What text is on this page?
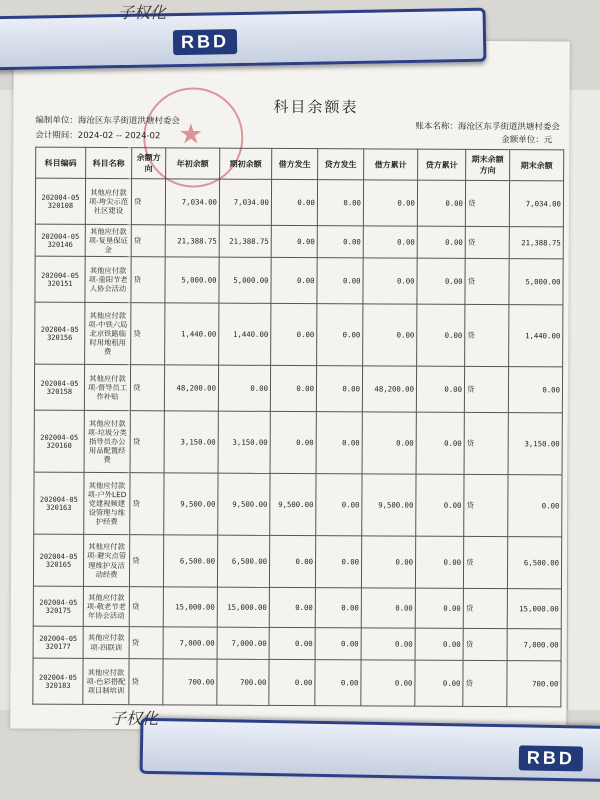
子权化
RBD
★
科目余额表
编制单位：海沧区东孚街道洪塘村委会
会计期间：2024-02 -- 2024-02
账本名称：海沧区东孚街道洪塘村委会
金额单位：元
科目编码	科目名称	余额方向	年初余额	期初余额	借方发生	贷方发生	借方累计	贷方累计	期末余额方向	期末余额
202004-05
320108	其他应付款项-垮尖示范社区建设	贷	7,034.00	7,034.00	0.00	0.00	0.00	0.00	贷	7,034.00
202004-05
320146	其他应付款项-复垦保证金	贷	21,388.75	21,388.75	0.00	0.00	0.00	0.00	贷	21,388.75
202004-05
320151	其他应付款项-重阳节老人协会活动	贷	5,000.00	5,000.00	0.00	0.00	0.00	0.00	贷	5,000.00
202004-05
320156	其他应付款项-中铁六局北京铁路临时用地租用费	贷	1,440.00	1,440.00	0.00	0.00	0.00	0.00	贷	1,440.00
202004-05
320158	其他应付款项-督导员工作补贴	贷	48,200.00	0.00	0.00	0.00	48,200.00	0.00	贷	0.00
202004-05
320160	其他应付款项-垃圾分类指导员办公用品配置经费	贷	3,150.00	3,150.00	0.00	0.00	0.00	0.00	贷	3,150.00
202004-05
320163	其他应付款项-户外LED党建视频建设管理与维护经费	贷	9,500.00	9,500.00	9,500.00	0.00	9,500.00	0.00	贷	0.00
202004-05
320165	其他应付款项-避灾点管理维护及活动经费	贷	6,500.00	6,500.00	0.00	0.00	0.00	0.00	贷	6,500.00
202004-05
320175	其他应付款项-敬老节老年协会活动	贷	15,000.00	15,000.00	0.00	0.00	0.00	0.00	贷	15,000.00
202004-05
320177	其他应付款项-四联训	贷	7,000.00	7,000.00	0.00	0.00	0.00	0.00	贷	7,000.00
202004-05
320183	其他应付款项-色彩搭配项目制培训	贷	700.00	700.00	0.00	0.00	0.00	0.00	贷	700.00
子权化
RBD
